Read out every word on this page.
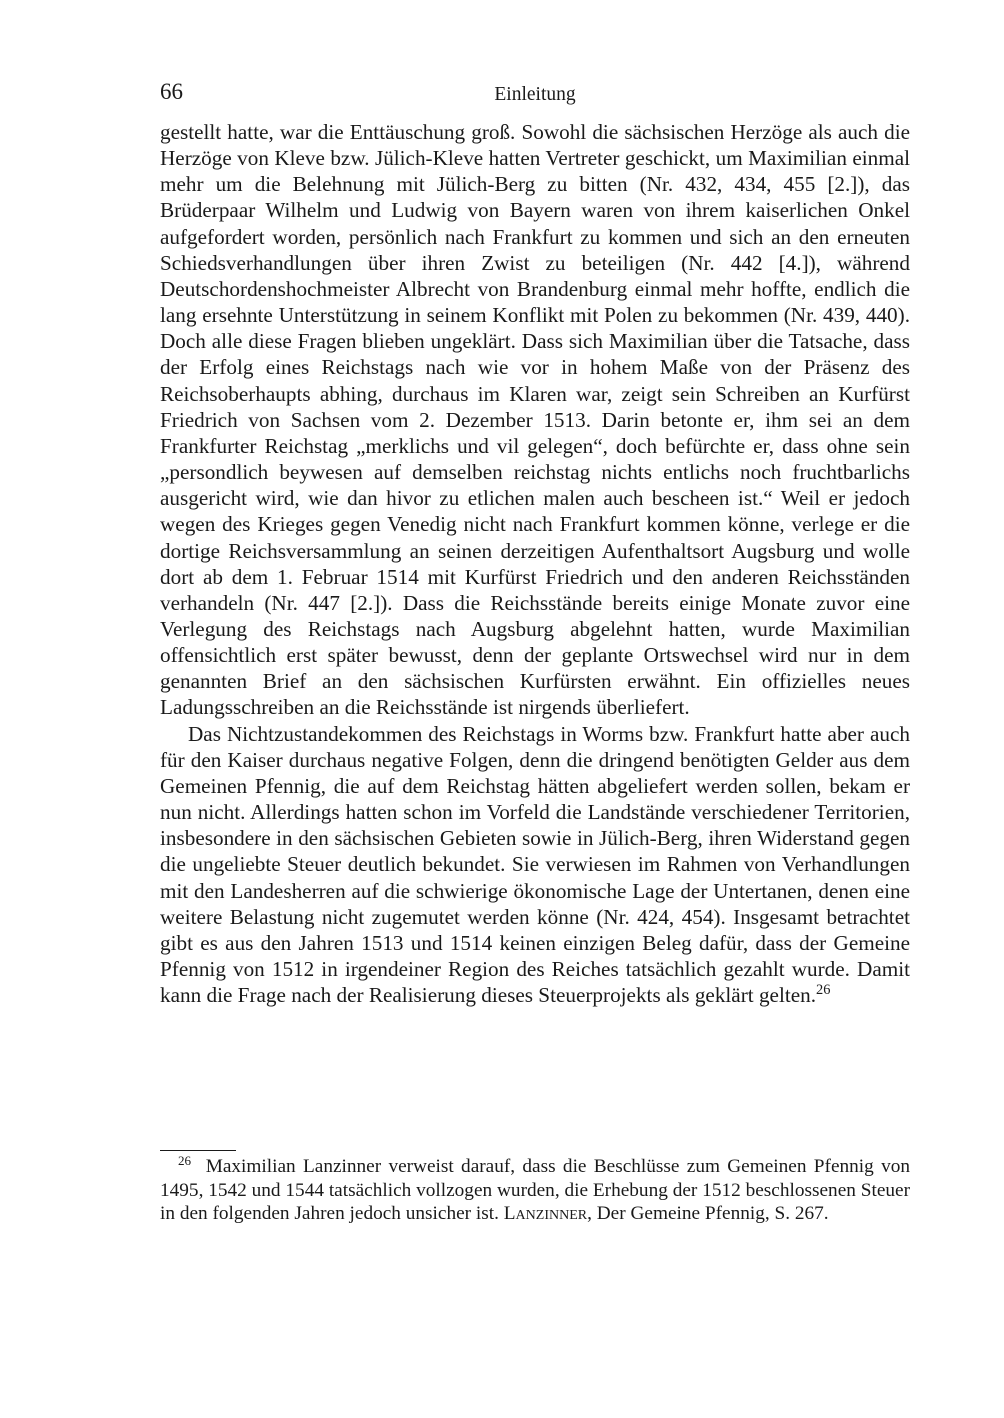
66	Einleitung

gestellt hatte, war die Enttäuschung groß. Sowohl die sächsischen Herzöge als auch die Herzöge von Kleve bzw. Jülich-Kleve hatten Vertreter geschickt, um Maximilian einmal mehr um die Belehnung mit Jülich-Berg zu bitten (Nr. 432, 434, 455 [2.]), das Brüderpaar Wilhelm und Ludwig von Bayern waren von ihrem kaiserlichen Onkel aufgefordert worden, persönlich nach Frankfurt zu kommen und sich an den erneuten Schiedsverhandlungen über ihren Zwist zu beteiligen (Nr. 442 [4.]), während Deutschordenshochmeister Albrecht von Brandenburg einmal mehr hoffte, endlich die lang ersehnte Unterstützung in seinem Konflikt mit Polen zu bekommen (Nr. 439, 440). Doch alle diese Fragen blieben ungeklärt. Dass sich Maximilian über die Tatsache, dass der Erfolg eines Reichstags nach wie vor in hohem Maße von der Präsenz des Reichsoberhaupts abhing, durchaus im Klaren war, zeigt sein Schreiben an Kurfürst Friedrich von Sachsen vom 2. Dezember 1513. Darin betonte er, ihm sei an dem Frankfurter Reichstag „merklichs und vil gelegen“, doch befürchte er, dass ohne sein „persondlich beywesen auf demselben reichstag nichts entlichs noch fruchtbarlichs ausgericht wird, wie dan hivor zu etlichen malen auch bescheen ist.“ Weil er jedoch wegen des Krieges gegen Venedig nicht nach Frankfurt kommen könne, verlege er die dortige Reichsversammlung an seinen derzeitigen Aufenthaltsort Augsburg und wolle dort ab dem 1. Februar 1514 mit Kurfürst Friedrich und den anderen Reichsständen verhandeln (Nr. 447 [2.]). Dass die Reichsstände bereits einige Monate zuvor eine Verlegung des Reichstags nach Augsburg abgelehnt hatten, wurde Maximilian offensichtlich erst später bewusst, denn der geplante Ortswechsel wird nur in dem genannten Brief an den sächsischen Kurfürsten erwähnt. Ein offizielles neues Ladungsschreiben an die Reichsstände ist nirgends überliefert.

Das Nichtzustandekommen des Reichstags in Worms bzw. Frankfurt hatte aber auch für den Kaiser durchaus negative Folgen, denn die dringend benötigten Gelder aus dem Gemeinen Pfennig, die auf dem Reichstag hätten abgeliefert werden sollen, bekam er nun nicht. Allerdings hatten schon im Vorfeld die Landstände verschiedener Territorien, insbesondere in den sächsischen Gebieten sowie in Jülich-Berg, ihren Widerstand gegen die ungeliebte Steuer deutlich bekundet. Sie verwiesen im Rahmen von Verhandlungen mit den Landesherren auf die schwierige ökonomische Lage der Untertanen, denen eine weitere Belastung nicht zugemutet werden könne (Nr. 424, 454). Insgesamt betrachtet gibt es aus den Jahren 1513 und 1514 keinen einzigen Beleg dafür, dass der Gemeine Pfennig von 1512 in irgendeiner Region des Reiches tatsächlich gezahlt wurde. Damit kann die Frage nach der Realisierung dieses Steuerprojekts als geklärt gelten.$^{26}$

$^{26}$ Maximilian Lanzinner verweist darauf, dass die Beschlüsse zum Gemeinen Pfennig von 1495, 1542 und 1544 tatsächlich vollzogen wurden, die Erhebung der 1512 beschlossenen Steuer in den folgenden Jahren jedoch unsicher ist. Lanzinner, Der Gemeine Pfennig, S. 267.
